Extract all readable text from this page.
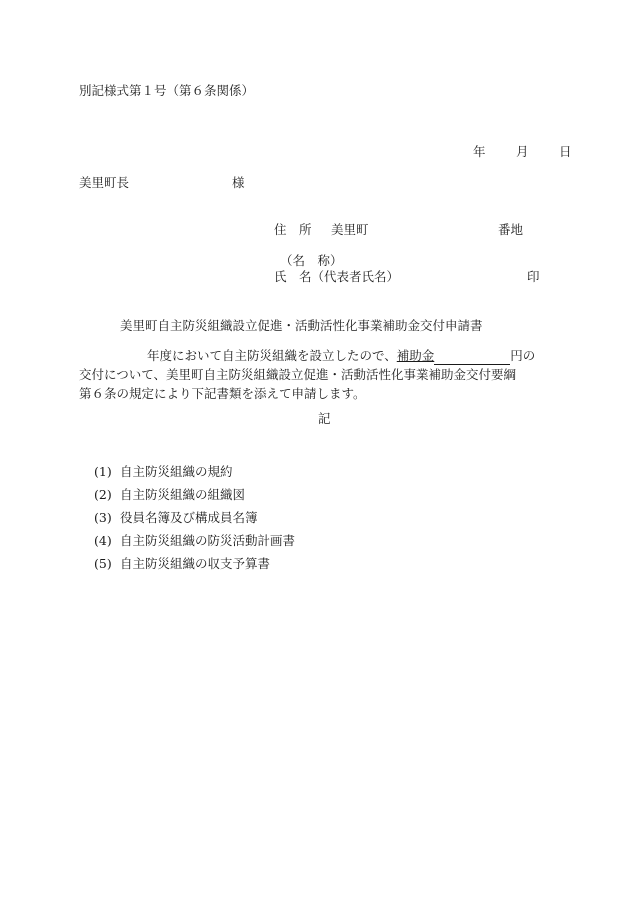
別記様式第１号（第６条関係）
年 月 日
美里町長	様
住　所 美里町	番地
（名　称）
氏　名（代表者氏名）	印
美里町自主防災組織設立促進・活動活性化事業補助金交付申請書
年度において自主防災組織を設立したので、補助金	円の
交付について、美里町自主防災組織設立促進・活動活性化事業補助金交付要綱
第６条の規定により下記書類を添えて申請します。
記
(1) 自主防災組織の規約
(2) 自主防災組織の組織図
(3) 役員名簿及び構成員名簿
(4) 自主防災組織の防災活動計画書
(5) 自主防災組織の収支予算書
